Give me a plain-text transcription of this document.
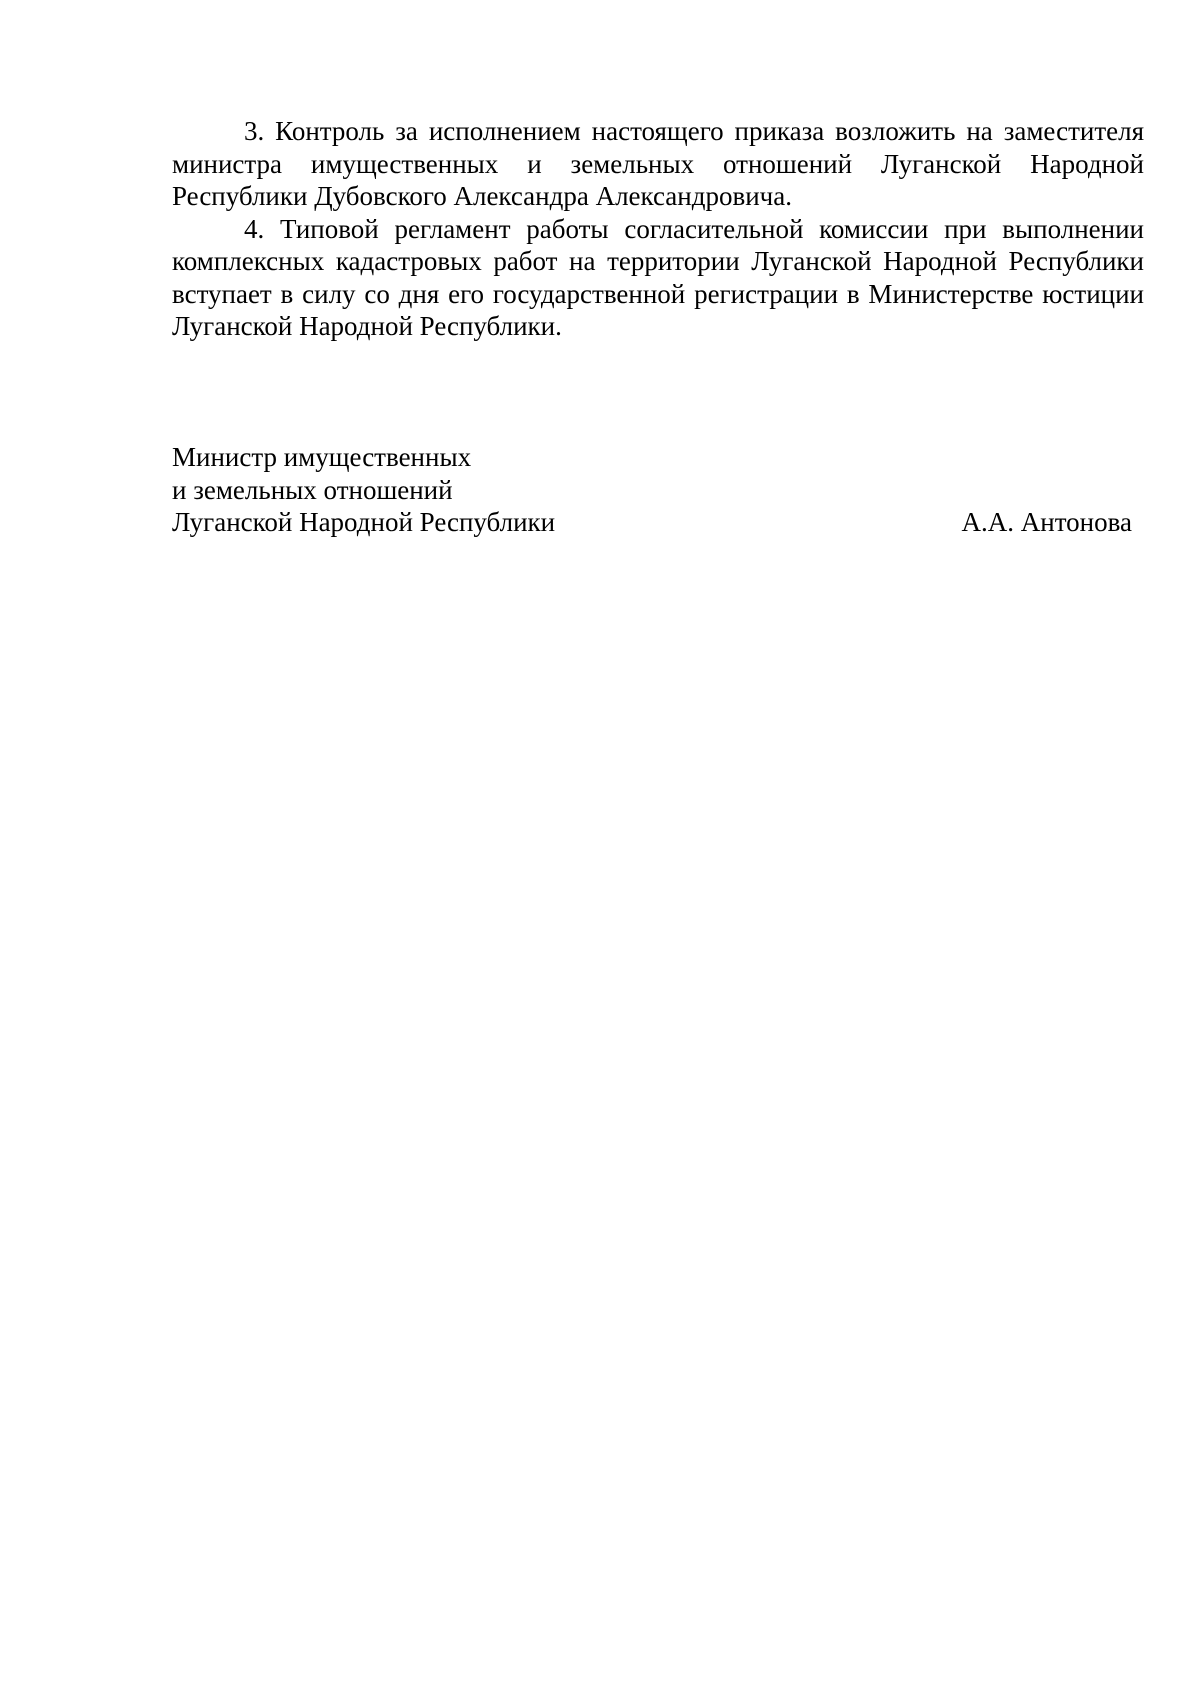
3. Контроль за исполнением настоящего приказа возложить на заместителя министра имущественных и земельных отношений Луганской Народной Республики Дубовского Александра Александровича.

4. Типовой регламент работы согласительной комиссии при выполнении комплексных кадастровых работ на территории Луганской Народной Республики вступает в силу со дня его государственной регистрации в Министерстве юстиции Луганской Народной Республики.

Министр имущественных
и земельных отношений
Луганской Народной Республики	А.А. Антонова
